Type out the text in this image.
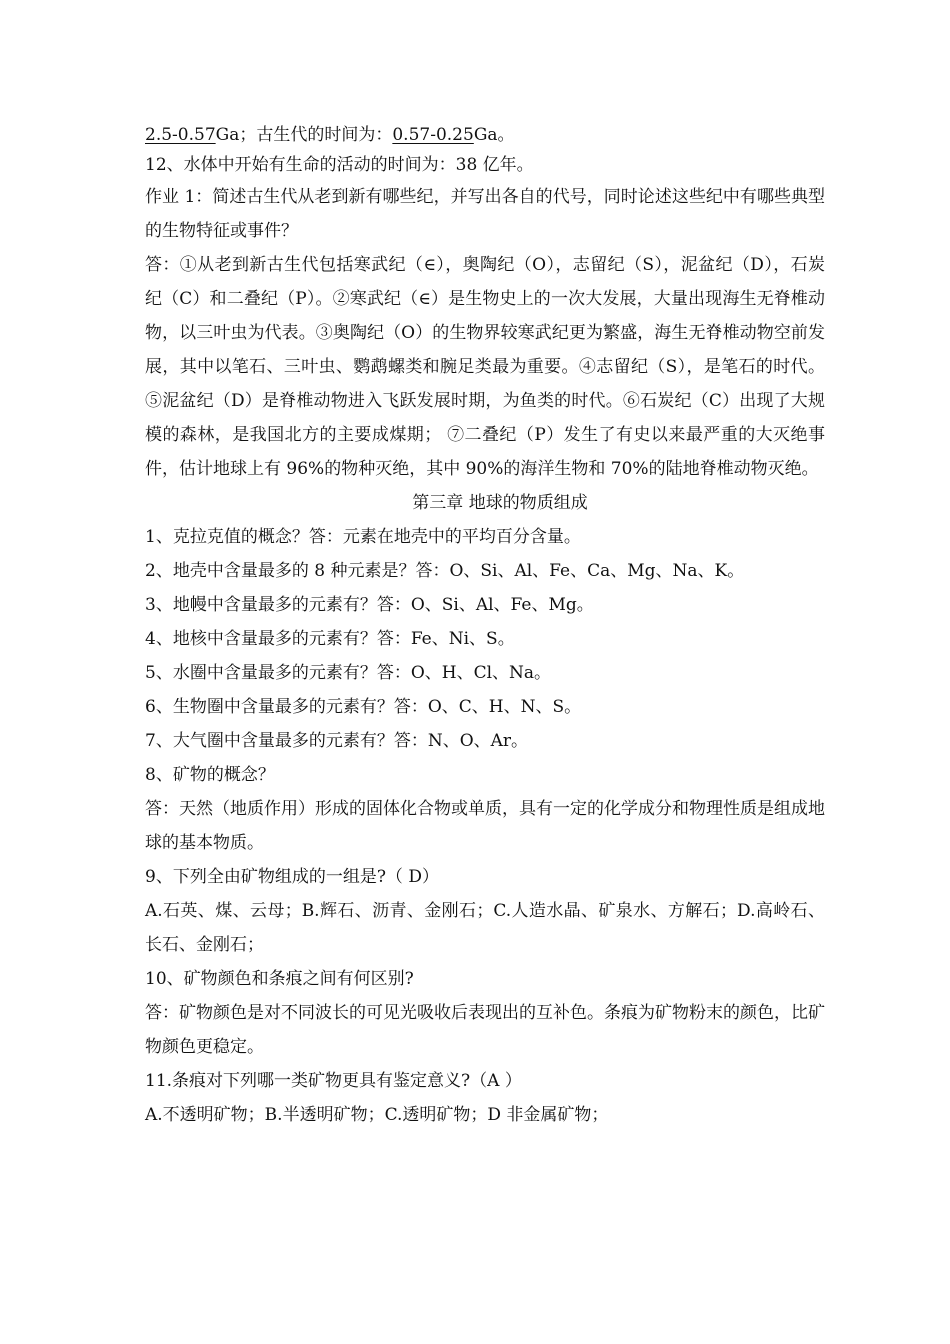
2.5-0.57Ga；古生代的时间为：0.57-0.25Ga。
12、水体中开始有生命的活动的时间为：38 亿年。

作业 1：简述古生代从老到新有哪些纪，并写出各自的代号，同时论述这些纪中有哪些典型的生物特征或事件？

答：①从老到新古生代包括寒武纪（∈），奥陶纪（O），志留纪（S），泥盆纪（D），石炭纪（C）和二叠纪（P）。②寒武纪（∈）是生物史上的一次大发展，大量出现海生无脊椎动物，以三叶虫为代表。③奥陶纪（O）的生物界较寒武纪更为繁盛，海生无脊椎动物空前发展，其中以笔石、三叶虫、鹦鹉螺类和腕足类最为重要。④志留纪（S），是笔石的时代。⑤泥盆纪（D）是脊椎动物进入飞跃发展时期，为鱼类的时代。⑥石炭纪（C）出现了大规模的森林，是我国北方的主要成煤期； ⑦二叠纪（P）发生了有史以来最严重的大灭绝事件，估计地球上有 96%的物种灭绝，其中 90%的海洋生物和 70%的陆地脊椎动物灭绝。

第三章 地球的物质组成
1、克拉克值的概念？答：元素在地壳中的平均百分含量。
2、地壳中含量最多的 8 种元素是？答：O、Si、Al、Fe、Ca、Mg、Na、K。
3、地幔中含量最多的元素有？答：O、Si、Al、Fe、Mg。
4、地核中含量最多的元素有？答：Fe、Ni、S。
5、水圈中含量最多的元素有？答：O、H、Cl、Na。
6、生物圈中含量最多的元素有？答：O、C、H、N、S。
7、大气圈中含量最多的元素有？答：N、O、Ar。
8、矿物的概念？

答：天然（地质作用）形成的固体化合物或单质，具有一定的化学成分和物理性质是组成地球的基本物质。

9、下列全由矿物组成的一组是?（ D）

A.石英、煤、云母；B.辉石、沥青、金刚石；C.人造水晶、矿泉水、方解石；D.高岭石、长石、金刚石；

10、矿物颜色和条痕之间有何区别?

答：矿物颜色是对不同波长的可见光吸收后表现出的互补色。条痕为矿物粉末的颜色，比矿物颜色更稳定。

11.条痕对下列哪一类矿物更具有鉴定意义?（A ）
A.不透明矿物；B.半透明矿物；C.透明矿物；D 非金属矿物；
